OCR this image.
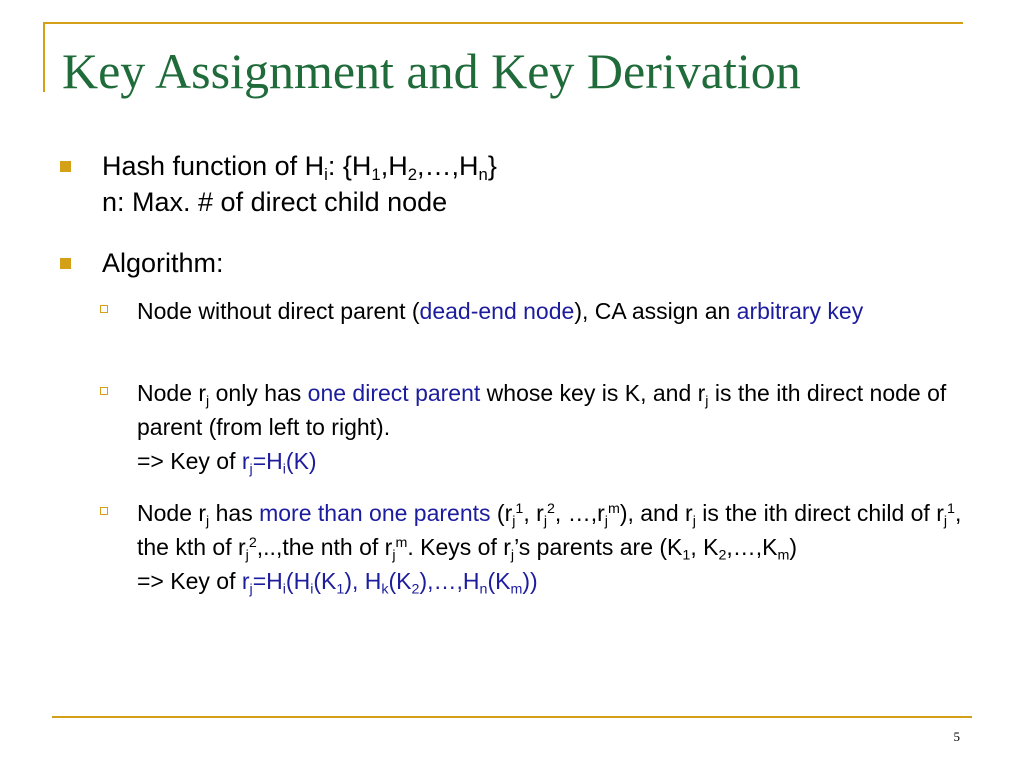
Key Assignment and Key Derivation
Hash function of $H_i$: $\{H_1,H_2,\dots,H_n\}$
n: Max. # of direct child node
Algorithm:
Node without direct parent (dead-end node), CA assign an arbitrary key
Node $r_j$ only has one direct parent whose key is K, and $r_j$ is the ith direct node of parent (from left to right).
=> Key of $r_j=H_i(K)$
Node $r_j$ has more than one parents ($r_j^1$, $r_j^2$, $\dots,r_j^m$), and $r_j$ is the ith direct child of $r_j^1$, the kth of $r_j^2,..,the$ nth of $r_j^m$. Keys of $r_j’s$ parents are ($K_1$, $K_2,\dots,K_m$)
=> Key of $r_j=H_i(H_i(K_1)$, $H_k(K_2),\dots,H_n(K_m)$)
5
